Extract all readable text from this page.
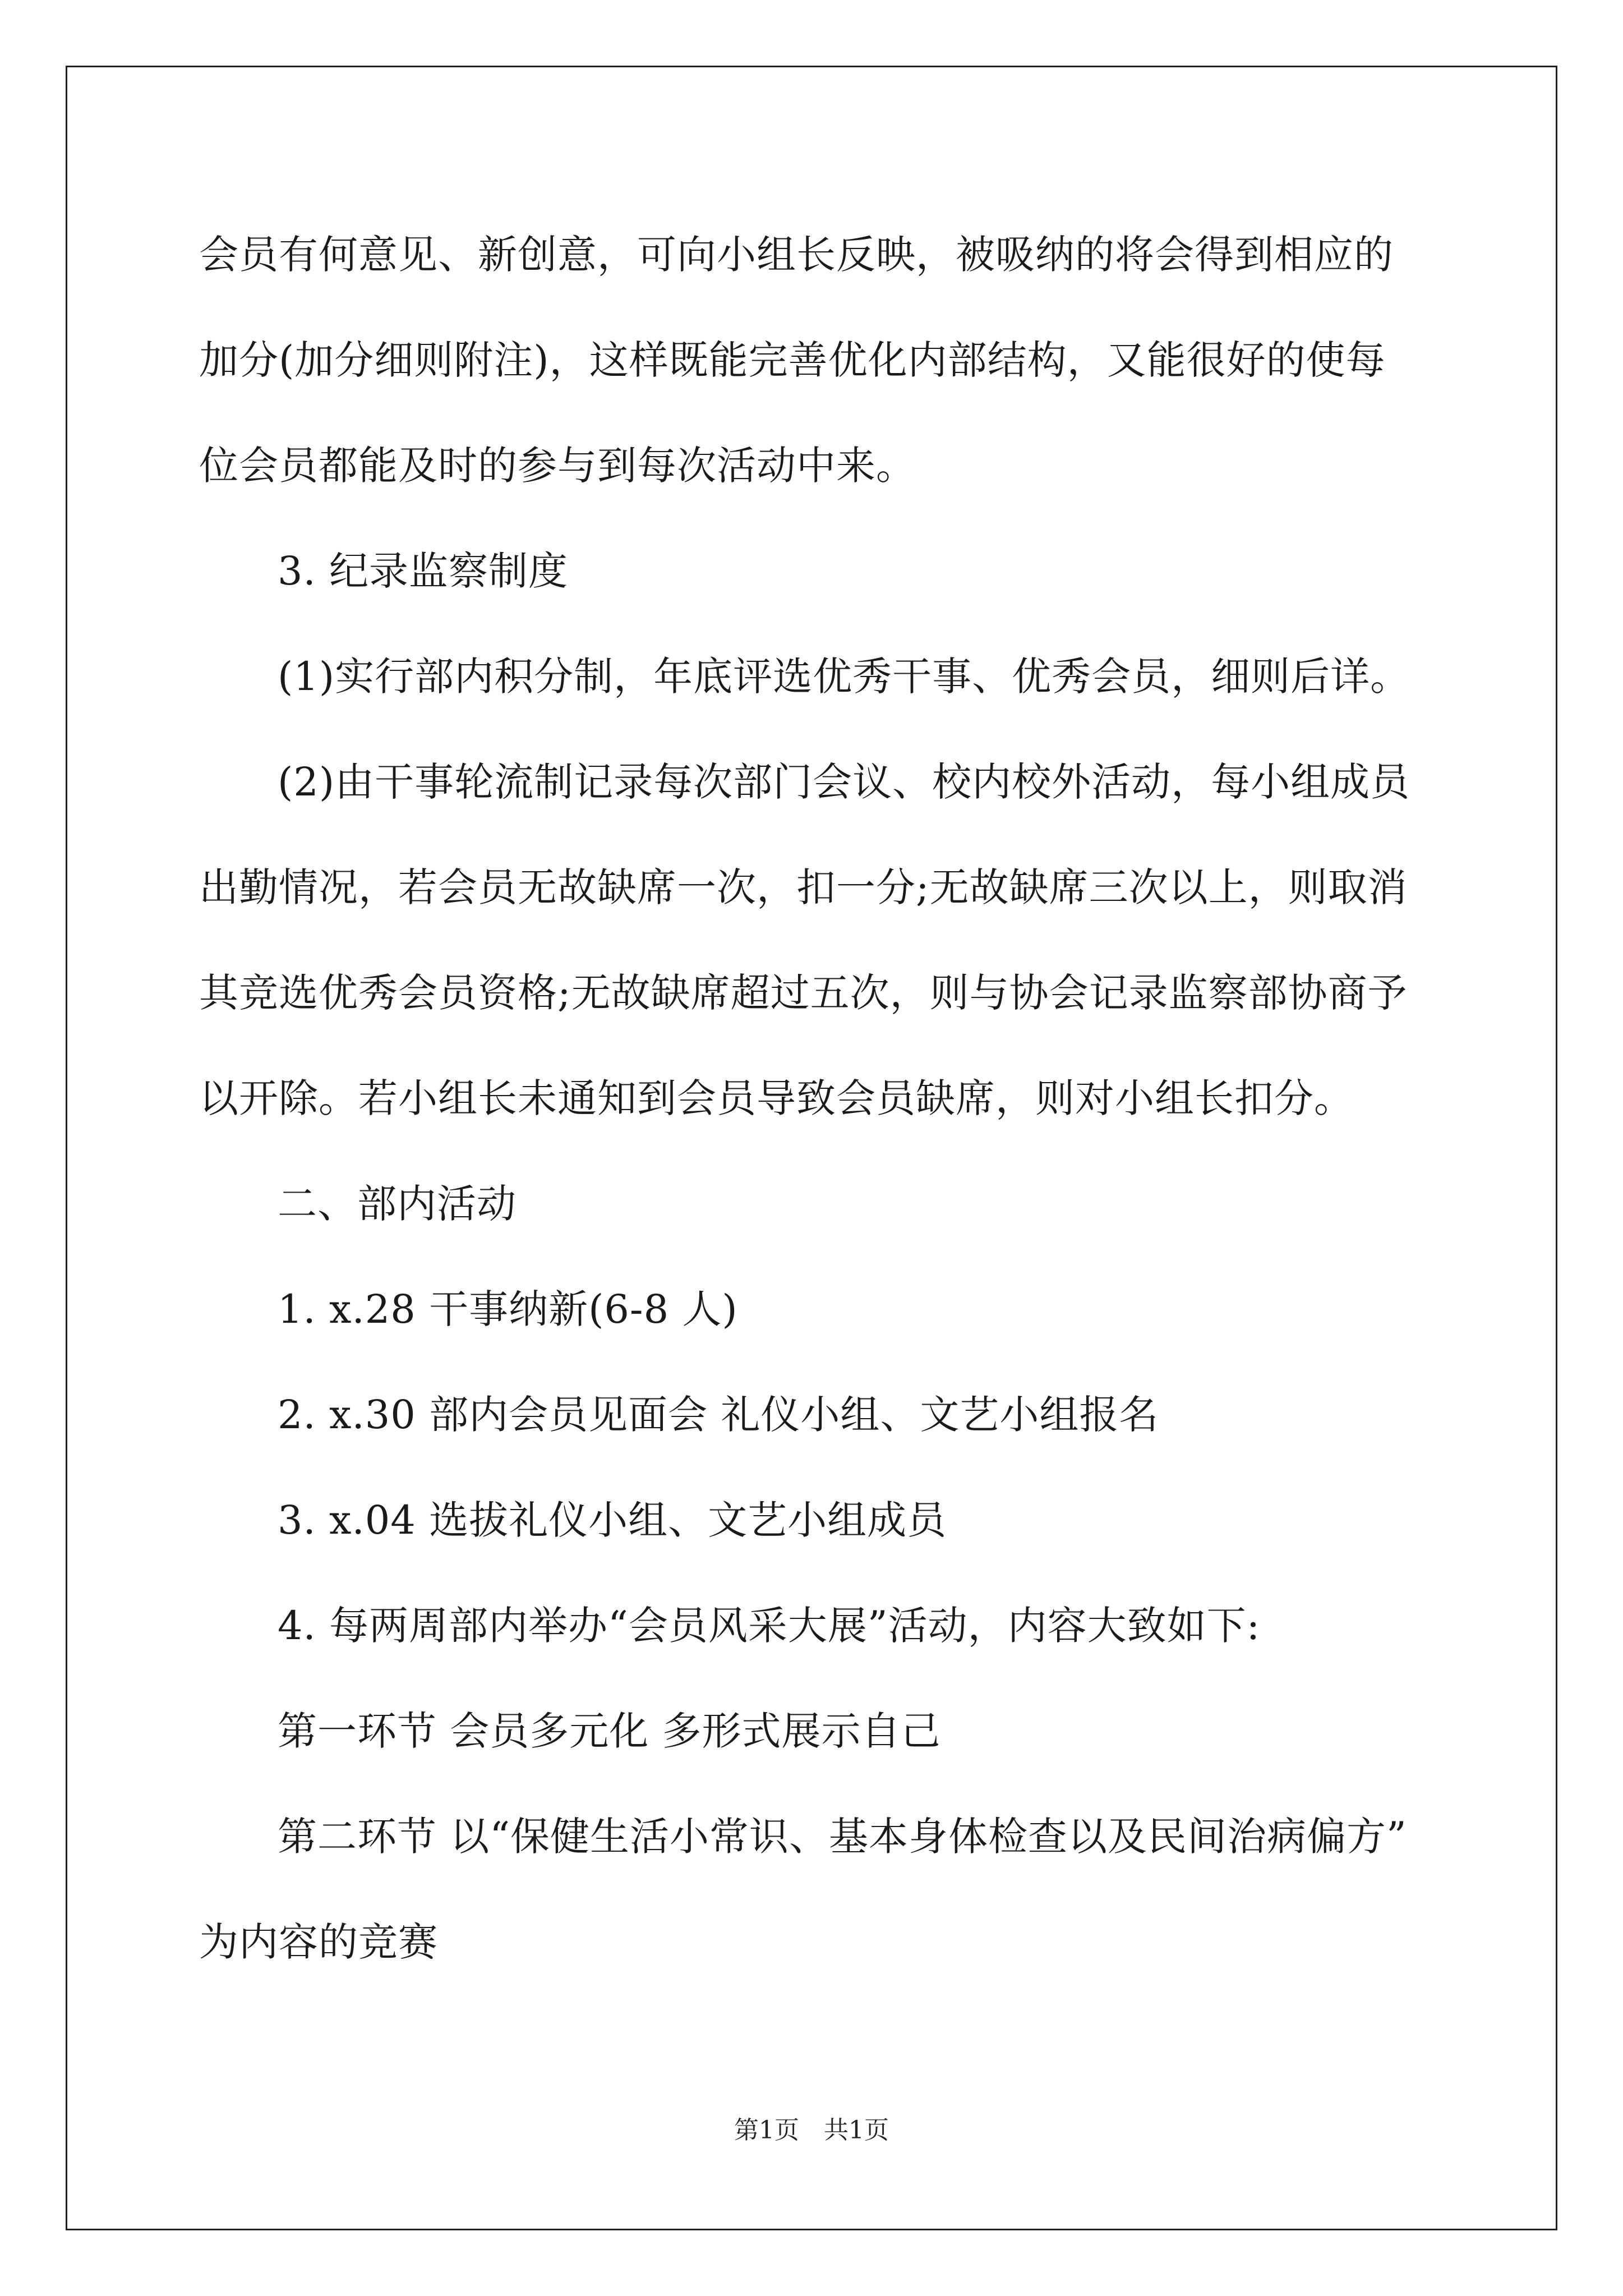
会员有何意见、新创意，可向小组长反映，被吸纳的将会得到相应的
加分(加分细则附注)，这样既能完善优化内部结构，又能很好的使每
位会员都能及时的参与到每次活动中来。
3. 纪录监察制度
(1)实行部内积分制，年底评选优秀干事、优秀会员，细则后详。
(2)由干事轮流制记录每次部门会议、校内校外活动，每小组成员
出勤情况，若会员无故缺席一次，扣一分;无故缺席三次以上，则取消
其竞选优秀会员资格;无故缺席超过五次，则与协会记录监察部协商予
以开除。若小组长未通知到会员导致会员缺席，则对小组长扣分。
二、部内活动
1. x.28 干事纳新(6-8 人)
2. x.30 部内会员见面会 礼仪小组、文艺小组报名
3. x.04 选拔礼仪小组、文艺小组成员
4. 每两周部内举办“会员风采大展”活动，内容大致如下:
第一环节 会员多元化 多形式展示自己
第二环节 以“保健生活小常识、基本身体检查以及民间治病偏方”
为内容的竞赛
第1页　共1页
